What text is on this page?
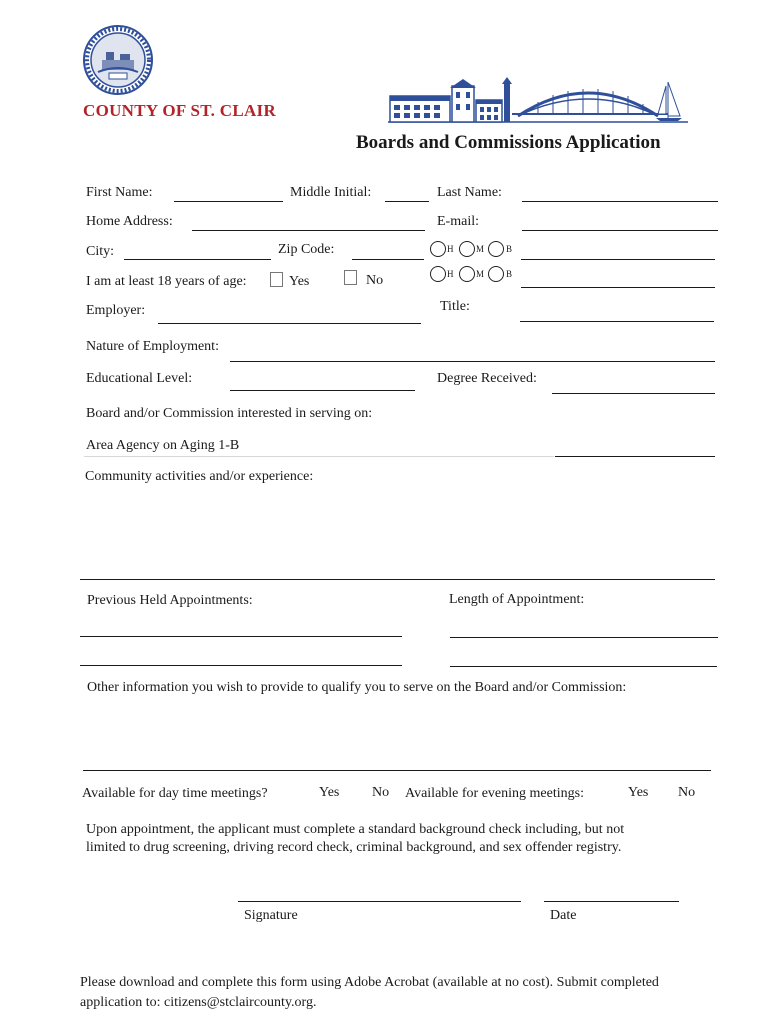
COUNTY OF ST. CLAIR
Boards and Commissions Application
First Name:	Middle Initial:	Last Name:
Home Address:	E-mail:
City:	Zip Code:	H	M B
I am at least 18 years of age:	Yes	No	H	M B
Employer:	Title:
Nature of Employment:
Educational Level:	Degree Received:
Board and/or Commission interested in serving on:
Area Agency on Aging 1-B
Community activities and/or experience:
Previous Held Appointments:	Length of Appointment:
Other information you wish to provide to qualify you to serve on the Board and/or Commission:
Available for day time meetings?	Yes No Available for evening meetings:	Yes No
Upon appointment, the applicant must complete a standard background check including, but not
limited to drug screening, driving record check, criminal background, and sex offender registry.
Signature	Date
Please download and complete this form using Adobe Acrobat (available at no cost). Submit completed
application to: citizens@stclaircounty.org.
